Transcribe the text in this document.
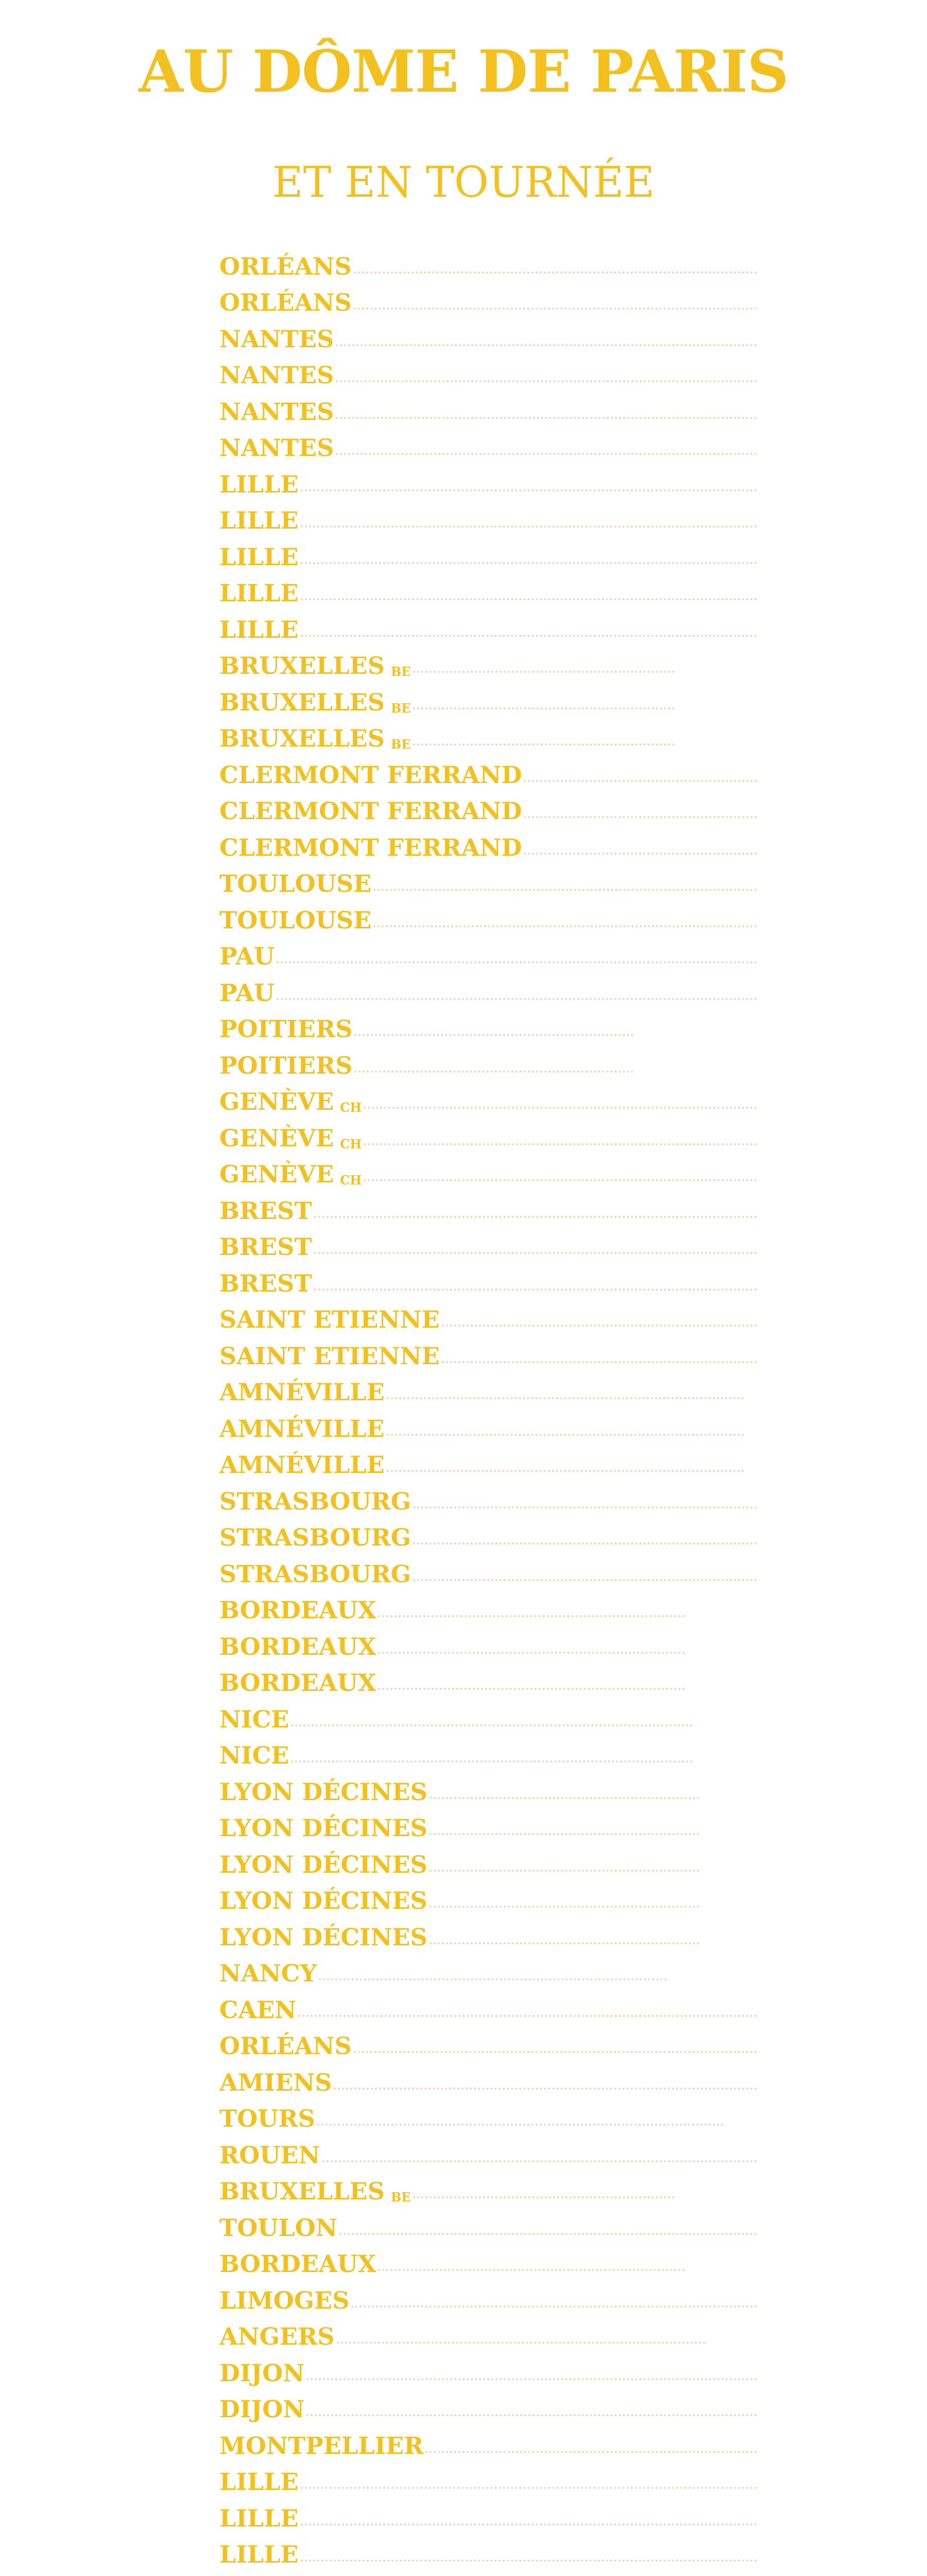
AU DÔME DE PARIS
ET EN TOURNÉE
ORLÉANS
ORLÉANS
NANTES
NANTES
NANTES
NANTES
LILLE
LILLE
LILLE
LILLE
LILLE
BRUXELLES BE
BRUXELLES BE
BRUXELLES BE
CLERMONT FERRAND
CLERMONT FERRAND
CLERMONT FERRAND
TOULOUSE
TOULOUSE
PAU
PAU
POITIERS
POITIERS
GENÈVE CH
GENÈVE CH
GENÈVE CH
BREST
BREST
BREST
SAINT ETIENNE
SAINT ETIENNE
AMNÉVILLE
AMNÉVILLE
AMNÉVILLE
STRASBOURG
STRASBOURG
STRASBOURG
BORDEAUX
BORDEAUX
BORDEAUX
NICE
NICE
LYON DÉCINES
LYON DÉCINES
LYON DÉCINES
LYON DÉCINES
LYON DÉCINES
NANCY
CAEN
ORLÉANS
AMIENS
TOURS
ROUEN
BRUXELLES BE
TOULON
BORDEAUX
LIMOGES
ANGERS
DIJON
DIJON
MONTPELLIER
LILLE
LILLE
LILLE
